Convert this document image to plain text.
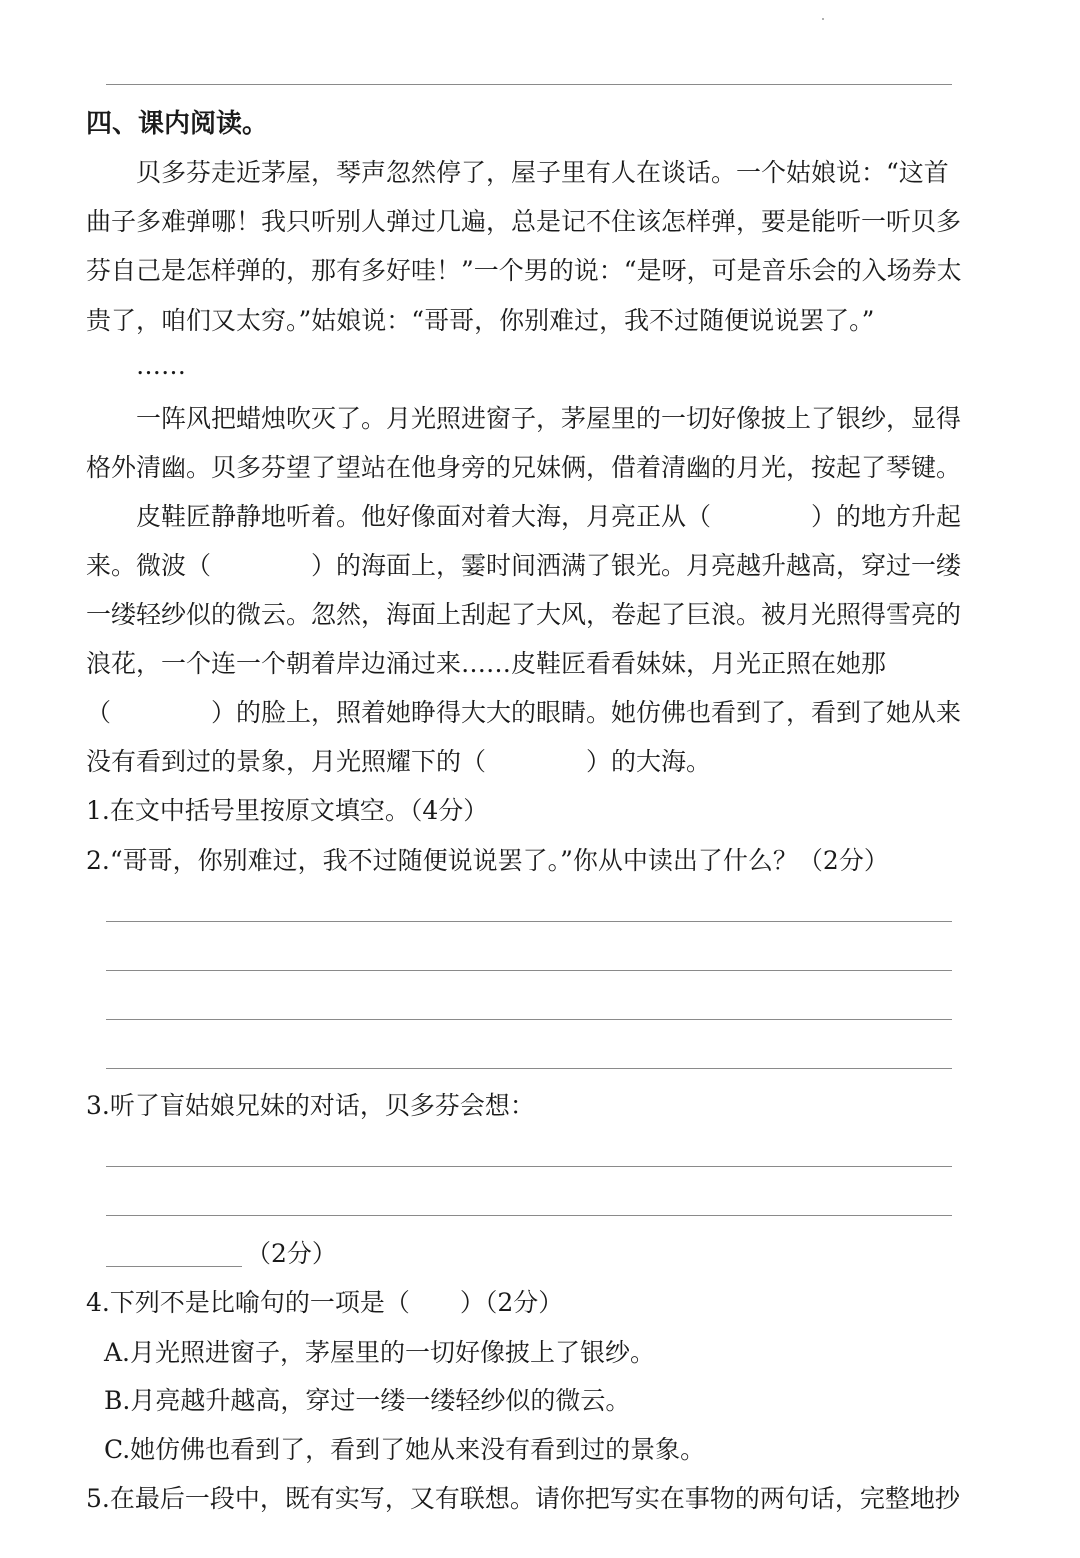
四、课内阅读。
贝多芬走近茅屋，琴声忽然停了，屋子里有人在谈话。一个姑娘说：“这首
曲子多难弹哪！我只听别人弹过几遍，总是记不住该怎样弹，要是能听一听贝多
芬自己是怎样弹的，那有多好哇！”一个男的说：“是呀，可是音乐会的入场券太
贵了，咱们又太穷。”姑娘说：“哥哥，你别难过，我不过随便说说罢了。”
……
一阵风把蜡烛吹灭了。月光照进窗子，茅屋里的一切好像披上了银纱，显得
格外清幽。贝多芬望了望站在他身旁的兄妹俩，借着清幽的月光，按起了琴键。
皮鞋匠静静地听着。他好像面对着大海，月亮正从（　　　　）的地方升起
来。微波（　　　　）的海面上，霎时间洒满了银光。月亮越升越高，穿过一缕
一缕轻纱似的微云。忽然，海面上刮起了大风，卷起了巨浪。被月光照得雪亮的
浪花，一个连一个朝着岸边涌过来……皮鞋匠看看妹妹，月光正照在她那
（　　　　）的脸上，照着她睁得大大的眼睛。她仿佛也看到了，看到了她从来
没有看到过的景象，月光照耀下的（　　　　）的大海。
1.在文中括号里按原文填空。（4分）
2.“哥哥，你别难过，我不过随便说说罢了。”你从中读出了什么？（2分）
3.听了盲姑娘兄妹的对话，贝多芬会想：
（2分）
4.下列不是比喻句的一项是（　　）（2分）
A.月光照进窗子，茅屋里的一切好像披上了银纱。
B.月亮越升越高，穿过一缕一缕轻纱似的微云。
C.她仿佛也看到了，看到了她从来没有看到过的景象。
5.在最后一段中，既有实写，又有联想。请你把写实在事物的两句话，完整地抄
